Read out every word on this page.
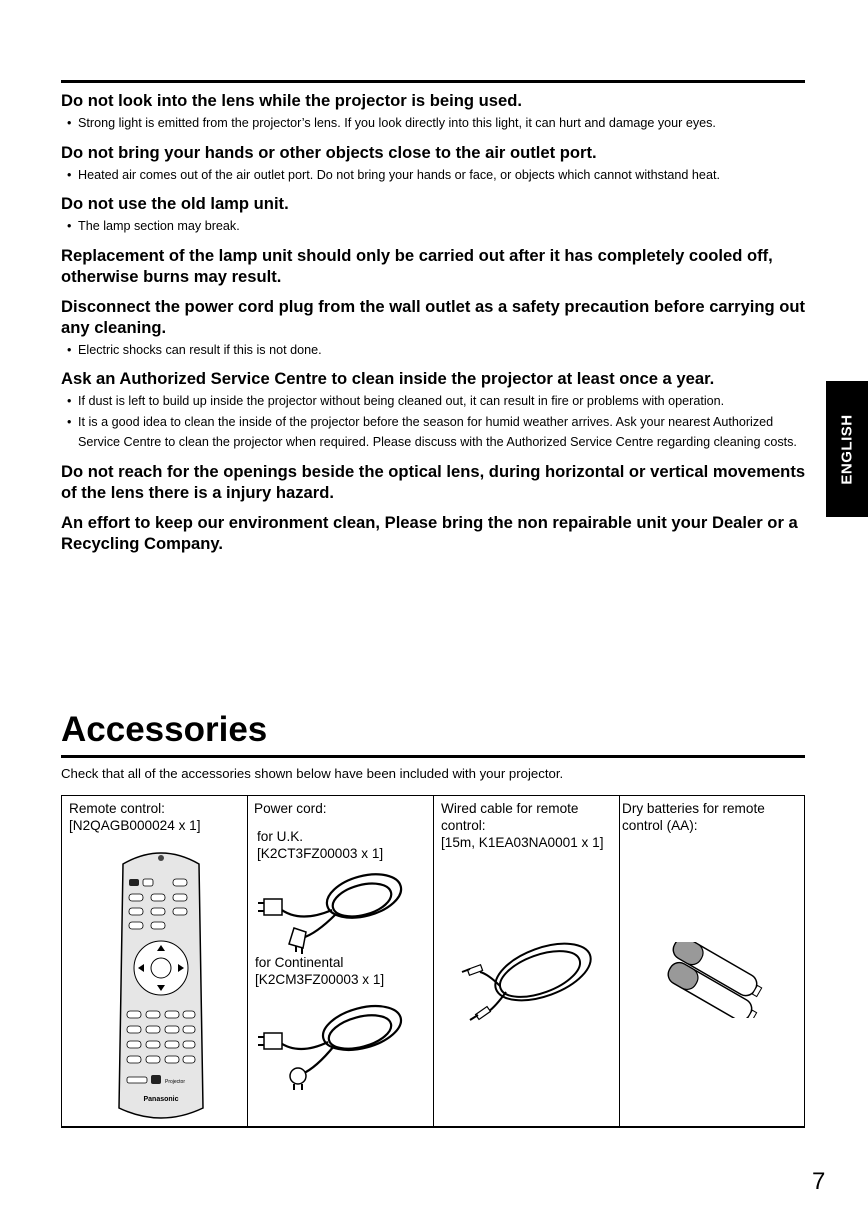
Do not look into the lens while the projector is being used.

• Strong light is emitted from the projector’s lens. If you look directly into this light, it can hurt and damage your eyes.

Do not bring your hands or other objects close to the air outlet port.

• Heated air comes out of the air outlet port. Do not bring your hands or face, or objects which cannot withstand heat.

Do not use the old lamp unit.

• The lamp section may break.

Replacement of the lamp unit should only be carried out after it has completely cooled off, otherwise burns may result.

Disconnect the power cord plug from the wall outlet as a safety precaution before carrying out any cleaning.

• Electric shocks can result if this is not done.

Ask an Authorized Service Centre to clean inside the projector at least once a year.

• If dust is left to build up inside the projector without being cleaned out, it can result in fire or problems with operation.
• It is a good idea to clean the inside of the projector before the season for humid weather arrives. Ask your nearest Authorized Service Centre to clean the projector when required. Please discuss with the Authorized Service Centre regarding cleaning costs.

Do not reach for the openings beside the optical lens, during horizontal or vertical movements of the lens there is a injury hazard.

An effort to keep our environment clean, Please bring the non repairable unit your Dealer or a Recycling Company.

ENGLISH
Accessories
Check that all of the accessories shown below have been included with your projector.
Remote control:
[N2QAGB000024 x 1]
Projector
Panasonic
Power cord:
for U.K.
[K2CT3FZ00003 x 1]
for Continental
[K2CM3FZ00003 x 1]
Wired cable for remote control:
[15m, K1EA03NA0001 x 1]
Dry batteries for remote control (AA):
7
